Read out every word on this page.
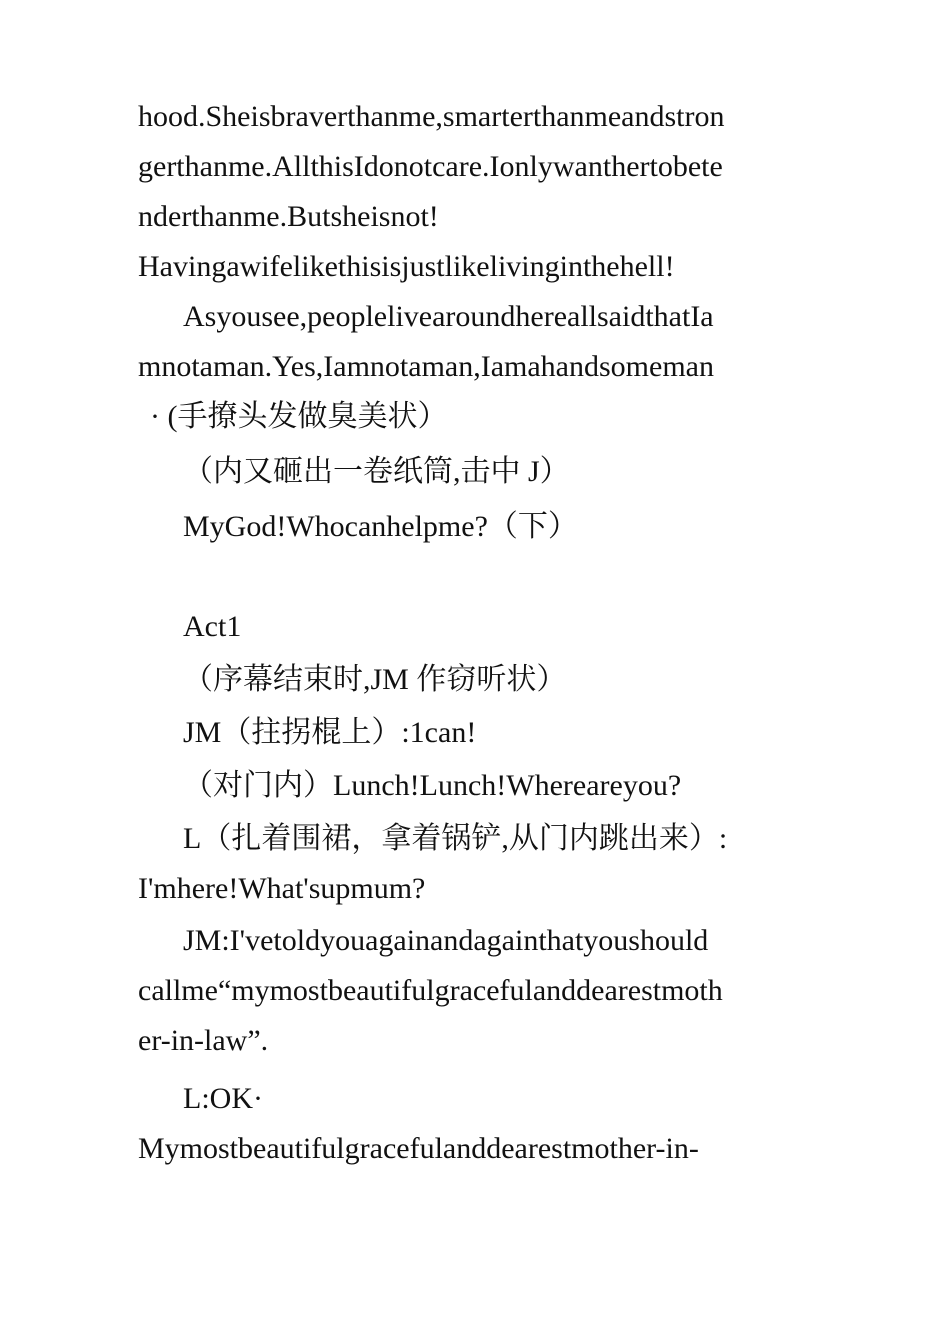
hood.Sheisbraverthanme,smarterthanmeandstron
gerthanme.AllthisIdonotcare.Ionlywanthertobete
nderthanme.Butsheisnot!
Havingawifelikethisisjustlikelivinginthehell!
Asyousee,peoplelivearoundhereallsaidthatIa
mnotaman.Yes,Iamnotaman,Iamahandsomeman
· (手撩头发做臭美状）
（内又砸出一卷纸筒,击中 J）
MyGod!Whocanhelpme?（下）
Act1
（序幕结束时,JM 作窃听状）
JM（拄拐棍上）:1can!
（对门内）Lunch!Lunch!Whereareyou?
L（扎着围裙，拿着锅铲,从门内跳出来）:
I'mhere!What'supmum?
JM:I'vetoldyouagainandagainthatyoushould
callme“mymostbeautifulgracefulanddearestmoth
er-in-law”.
L:OK·
Mymostbeautifulgracefulanddearestmother-in-
